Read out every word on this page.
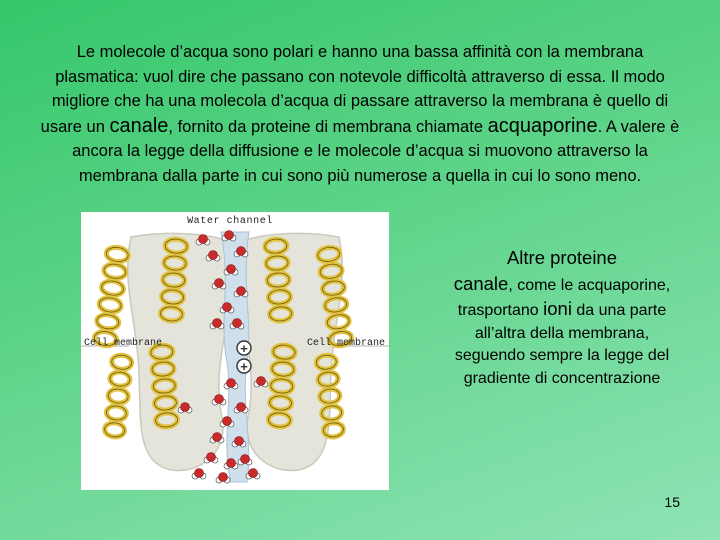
Le molecole d’acqua sono polari e hanno una bassa affinità con la membrana plasmatica: vuol dire che passano con notevole difficoltà attraverso di essa. Il modo migliore che ha una molecola d’acqua di passare attraverso la membrana è quello di usare un canale, fornito da proteine di membrana chiamate acquaporine. A valere è ancora la legge della diffusione e le molecole d’acqua si muovono attraverso la membrana dalla parte in cui sono più numerose a quella in cui lo sono meno.
+
+
Water channel
Cell membrane	Cell membrane
Altre proteine
canale, come le acquaporine, trasportano ioni da una parte all’altra della membrana, seguendo sempre la legge del gradiente di concentrazione
15
